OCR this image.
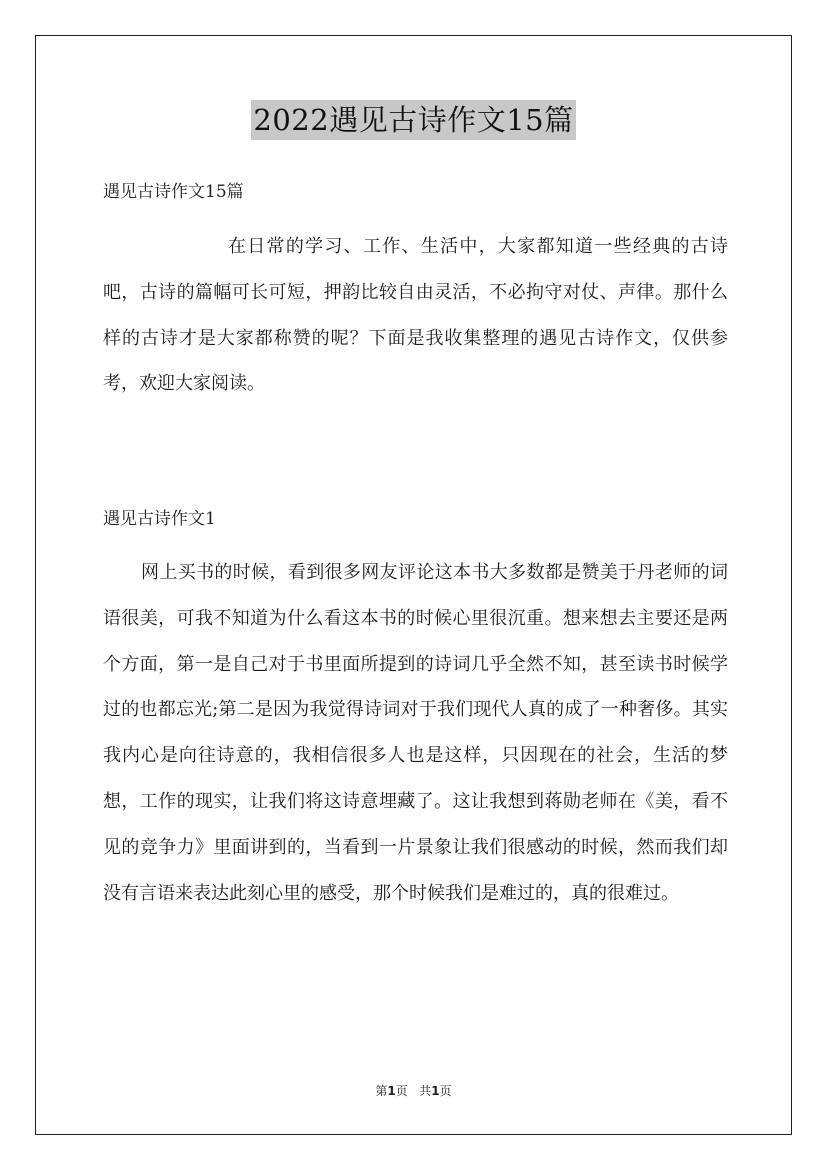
2022遇见古诗作文15篇
遇见古诗作文15篇

在日常的学习、工作、生活中，大家都知道一些经典的古诗吧，古诗的篇幅可长可短，押韵比较自由灵活，不必拘守对仗、声律。那什么样的古诗才是大家都称赞的呢？下面是我收集整理的遇见古诗作文，仅供参考，欢迎大家阅读。

遇见古诗作文1

网上买书的时候，看到很多网友评论这本书大多数都是赞美于丹老师的词语很美，可我不知道为什么看这本书的时候心里很沉重。想来想去主要还是两个方面，第一是自己对于书里面所提到的诗词几乎全然不知，甚至读书时候学过的也都忘光;第二是因为我觉得诗词对于我们现代人真的成了一种奢侈。其实我内心是向往诗意的，我相信很多人也是这样，只因现在的社会，生活的梦想，工作的现实，让我们将这诗意埋藏了。这让我想到蒋勋老师在《美，看不见的竞争力》里面讲到的，当看到一片景象让我们很感动的时候，然而我们却没有言语来表达此刻心里的感受，那个时候我们是难过的，真的很难过。

第1页 共1页
